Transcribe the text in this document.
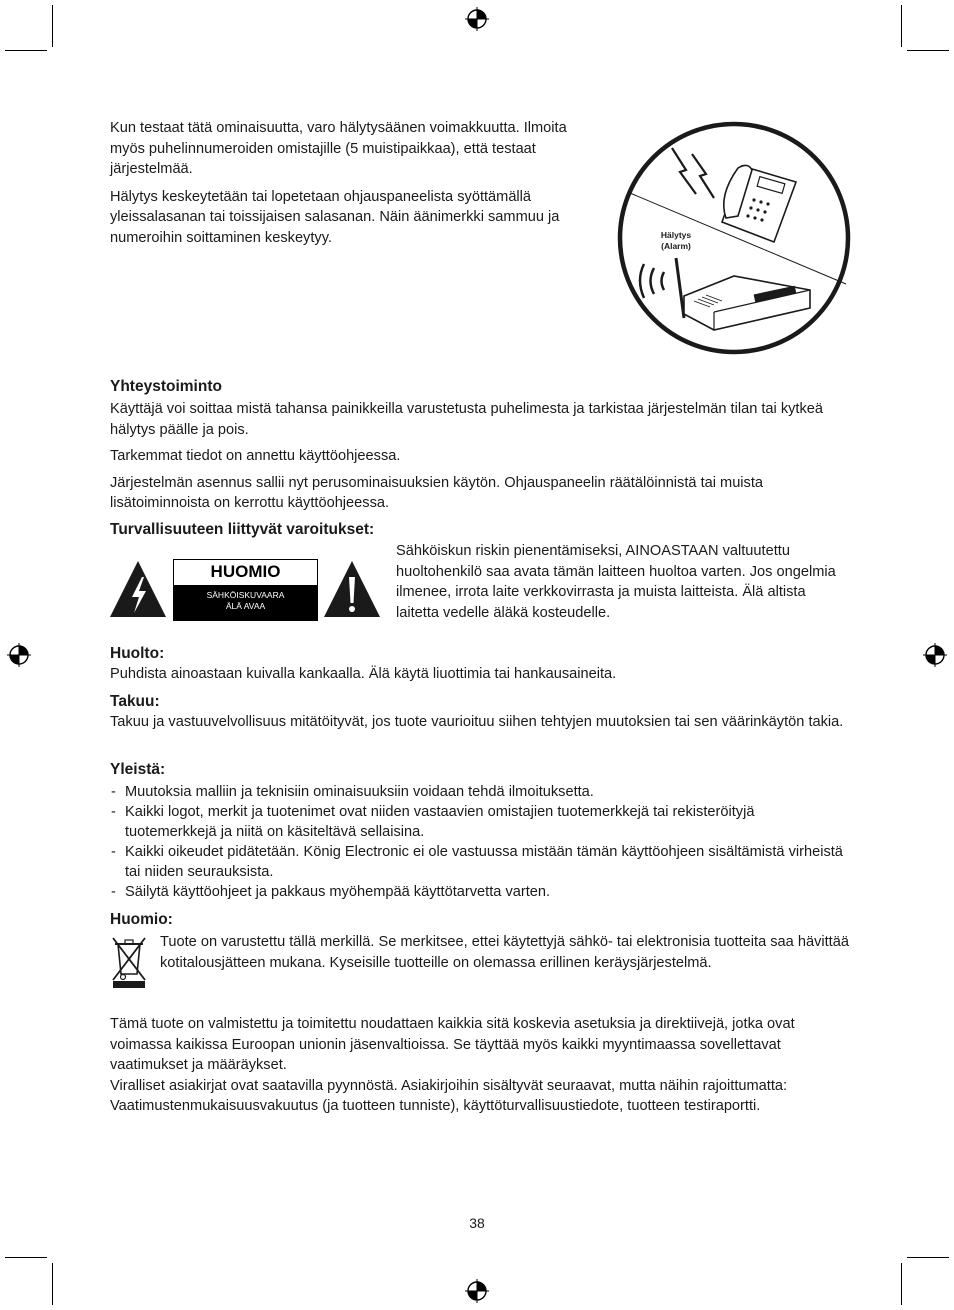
Kun testaat tätä ominaisuutta, varo hälytysäänen voimakkuutta. Ilmoita myös puhelinnumeroiden omistajille (5 muistipaikkaa), että testaat järjestelmää.

Hälytys keskeytetään tai lopetetaan ohjauspaneelista syöttämällä yleissalasanan tai toissijaisen salasanan. Näin äänimerkki sammuu ja numeroihin soittaminen keskeytyy.	Hälytys
(Alarm)

Yhteystoiminto

Käyttäjä voi soittaa mistä tahansa painikkeilla varustetusta puhelimesta ja tarkistaa järjestelmän tilan tai kytkeä hälytys päälle ja pois.

Tarkemmat tiedot on annettu käyttöohjeessa.

Järjestelmän asennus sallii nyt perusominaisuuksien käytön. Ohjauspaneelin räätälöinnistä tai muista lisätoiminnoista on kerrottu käyttöohjeessa.

Turvallisuuteen liittyvät varoitukset:

Sähköiskun riskin pienentämiseksi, AINOASTAAN valtuutettu huoltohenkilö saa avata tämän laitteen huoltoa varten. Jos ongelmia ilmenee, irrota laite verkkovirrasta ja muista laitteista. Älä altista laitetta vedelle äläkä kosteudelle.

HUOMIO
SÄHKÖISKUVAARA
ÄLÄ AVAA

Huolto:

Puhdista ainoastaan kuivalla kankaalla. Älä käytä liuottimia tai hankausaineita.

Takuu:

Takuu ja vastuuvelvollisuus mitätöityvät, jos tuote vaurioituu siihen tehtyjen muutoksien tai sen väärinkäytön takia.

Yleistä:

- Muutoksia malliin ja teknisiin ominaisuuksiin voidaan tehdä ilmoituksetta.
- Kaikki logot, merkit ja tuotenimet ovat niiden vastaavien omistajien tuotemerkkejä tai rekisteröityjä tuotemerkkejä ja niitä on käsiteltävä sellaisina.
- Kaikki oikeudet pidätetään. König Electronic ei ole vastuussa mistään tämän käyttöohjeen sisältämistä virheistä tai niiden seurauksista.
- Säilytä käyttöohjeet ja pakkaus myöhempää käyttötarvetta varten.

Huomio:

Tuote on varustettu tällä merkillä. Se merkitsee, ettei käytettyjä sähkö- tai elektronisia tuotteita saa hävittää kotitalousjätteen mukana. Kyseisille tuotteille on olemassa erillinen keräysjärjestelmä.

Tämä tuote on valmistettu ja toimitettu noudattaen kaikkia sitä koskevia asetuksia ja direktiivejä, jotka ovat voimassa kaikissa Euroopan unionin jäsenvaltioissa. Se täyttää myös kaikki myyntimaassa sovellettavat vaatimukset ja määräykset.

Viralliset asiakirjat ovat saatavilla pyynnöstä. Asiakirjoihin sisältyvät seuraavat, mutta näihin rajoittumatta: Vaatimustenmukaisuusvakuutus (ja tuotteen tunniste), käyttöturvallisuustiedote, tuotteen testiraportti.

38
